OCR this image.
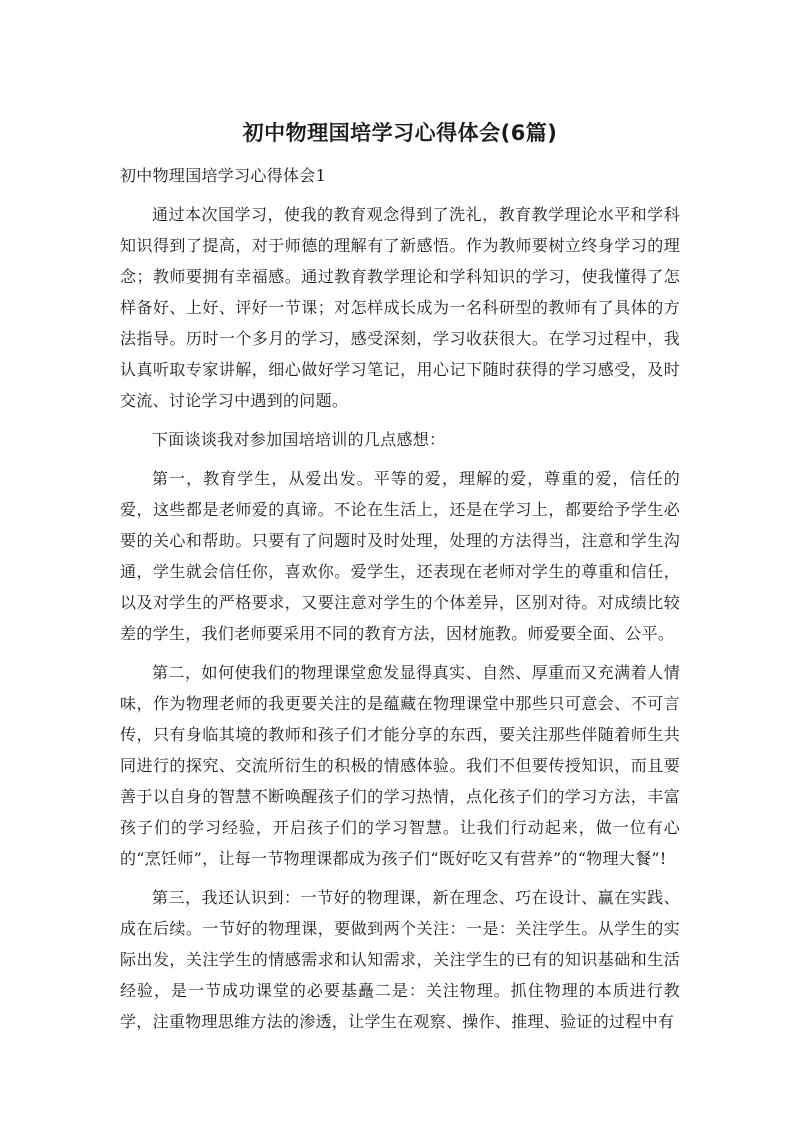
初中物理国培学习心得体会(6篇)

初中物理国培学习心得体会1

通过本次国学习，使我的教育观念得到了洗礼，教育教学理论水平和学科知识得到了提高，对于师德的理解有了新感悟。作为教师要树立终身学习的理念；教师要拥有幸福感。通过教育教学理论和学科知识的学习，使我懂得了怎样备好、上好、评好一节课；对怎样成长成为一名科研型的教师有了具体的方法指导。历时一个多月的学习，感受深刻，学习收获很大。在学习过程中，我认真听取专家讲解，细心做好学习笔记，用心记下随时获得的学习感受，及时交流、讨论学习中遇到的问题。

下面谈谈我对参加国培培训的几点感想：

第一，教育学生，从爱出发。平等的爱，理解的爱，尊重的爱，信任的爱，这些都是老师爱的真谛。不论在生活上，还是在学习上，都要给予学生必要的关心和帮助。只要有了问题时及时处理，处理的方法得当，注意和学生沟通，学生就会信任你，喜欢你。爱学生，还表现在老师对学生的尊重和信任，以及对学生的严格要求，又要注意对学生的个体差异，区别对待。对成绩比较差的学生，我们老师要采用不同的教育方法，因材施教。师爱要全面、公平。

第二，如何使我们的物理课堂愈发显得真实、自然、厚重而又充满着人情味，作为物理老师的我更要关注的是蕴藏在物理课堂中那些只可意会、不可言传，只有身临其境的教师和孩子们才能分享的东西，要关注那些伴随着师生共同进行的探究、交流所衍生的积极的情感体验。我们不但要传授知识，而且要善于以自身的智慧不断唤醒孩子们的学习热情，点化孩子们的学习方法，丰富孩子们的学习经验，开启孩子们的学习智慧。让我们行动起来，做一位有心的“烹饪师”，让每一节物理课都成为孩子们“既好吃又有营养”的“物理大餐”!

第三，我还认识到：一节好的物理课，新在理念、巧在设计、赢在实践、成在后续。一节好的物理课，要做到两个关注：一是：关注学生。从学生的实际出发，关注学生的情感需求和认知需求，关注学生的已有的知识基础和生活经验，是一节成功课堂的必要基矗二是：关注物理。抓住物理的本质进行教学，注重物理思维方法的渗透，让学生在观察、操作、推理、验证的过程中有
